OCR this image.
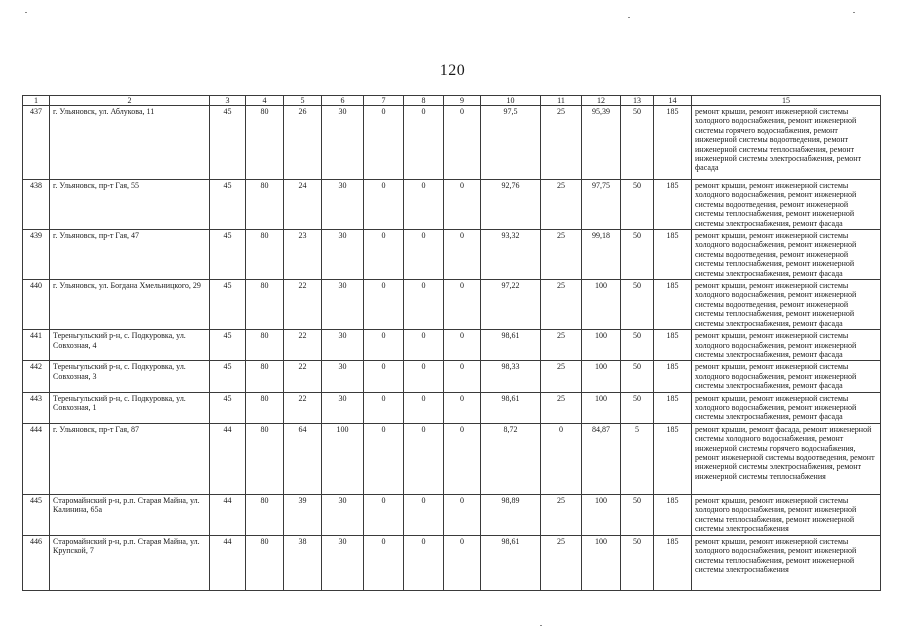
120
1	2	3	4	5	6	7	8	9	10	11	12	13	14	15
437	г. Ульяновск, ул. Аблукова, 11	45	80	26	30	0	0	0	97,5	25	95,39	50	185	ремонт крыши, ремонт инженерной системы холодного водоснабжения, ремонт инженерной системы горячего водоснабжения, ремонт инженерной системы водоотведения, ремонт инженерной системы теплоснабжения, ремонт инженерной системы электроснабжения, ремонт фасада
438	г. Ульяновск, пр-т Гая, 55	45	80	24	30	0	0	0	92,76	25	97,75	50	185	ремонт крыши, ремонт инженерной системы холодного водоснабжения, ремонт инженерной системы водоотведения, ремонт инженерной системы теплоснабжения, ремонт инженерной системы электроснабжения, ремонт фасада
439	г. Ульяновск, пр-т Гая, 47	45	80	23	30	0	0	0	93,32	25	99,18	50	185	ремонт крыши, ремонт инженерной системы холодного водоснабжения, ремонт инженерной системы водоотведения, ремонт инженерной системы теплоснабжения, ремонт инженерной системы электроснабжения, ремонт фасада
440	г. Ульяновск, ул. Богдана Хмельницкого, 29	45	80	22	30	0	0	0	97,22	25	100	50	185	ремонт крыши, ремонт инженерной системы холодного водоснабжения, ремонт инженерной системы водоотведения, ремонт инженерной системы теплоснабжения, ремонт инженерной системы электроснабжения, ремонт фасада
441	Тереньгульский р-н, с. Подкуровка, ул. Совхозная, 4	45	80	22	30	0	0	0	98,61	25	100	50	185	ремонт крыши, ремонт инженерной системы холодного водоснабжения, ремонт инженерной системы электроснабжения, ремонт фасада
442	Тереньгульский р-н, с. Подкуровка, ул. Совхозная, 3	45	80	22	30	0	0	0	98,33	25	100	50	185	ремонт крыши, ремонт инженерной системы холодного водоснабжения, ремонт инженерной системы электроснабжения, ремонт фасада
443	Тереньгульский р-н, с. Подкуровка, ул. Совхозная, 1	45	80	22	30	0	0	0	98,61	25	100	50	185	ремонт крыши, ремонт инженерной системы холодного водоснабжения, ремонт инженерной системы электроснабжения, ремонт фасада
444	г. Ульяновск, пр-т Гая, 87	44	80	64	100	0	0	0	8,72	0	84,87	5	185	ремонт крыши, ремонт фасада, ремонт инженерной системы холодного водоснабжения, ремонт инженерной системы горячего водоснабжения, ремонт инженерной системы водоотведения, ремонт инженерной системы электроснабжения, ремонт инженерной системы теплоснабжения
445	Старомайнский р-н, р.п. Старая Майна, ул. Калинина, 65а	44	80	39	30	0	0	0	98,89	25	100	50	185	ремонт крыши, ремонт инженерной системы холодного водоснабжения, ремонт инженерной системы теплоснабжения, ремонт инженерной системы электроснабжения
446	Старомайнский р-н, р.п. Старая Майна, ул. Крупской, 7	44	80	38	30	0	0	0	98,61	25	100	50	185	ремонт крыши, ремонт инженерной системы холодного водоснабжения, ремонт инженерной системы теплоснабжения, ремонт инженерной системы электроснабжения
